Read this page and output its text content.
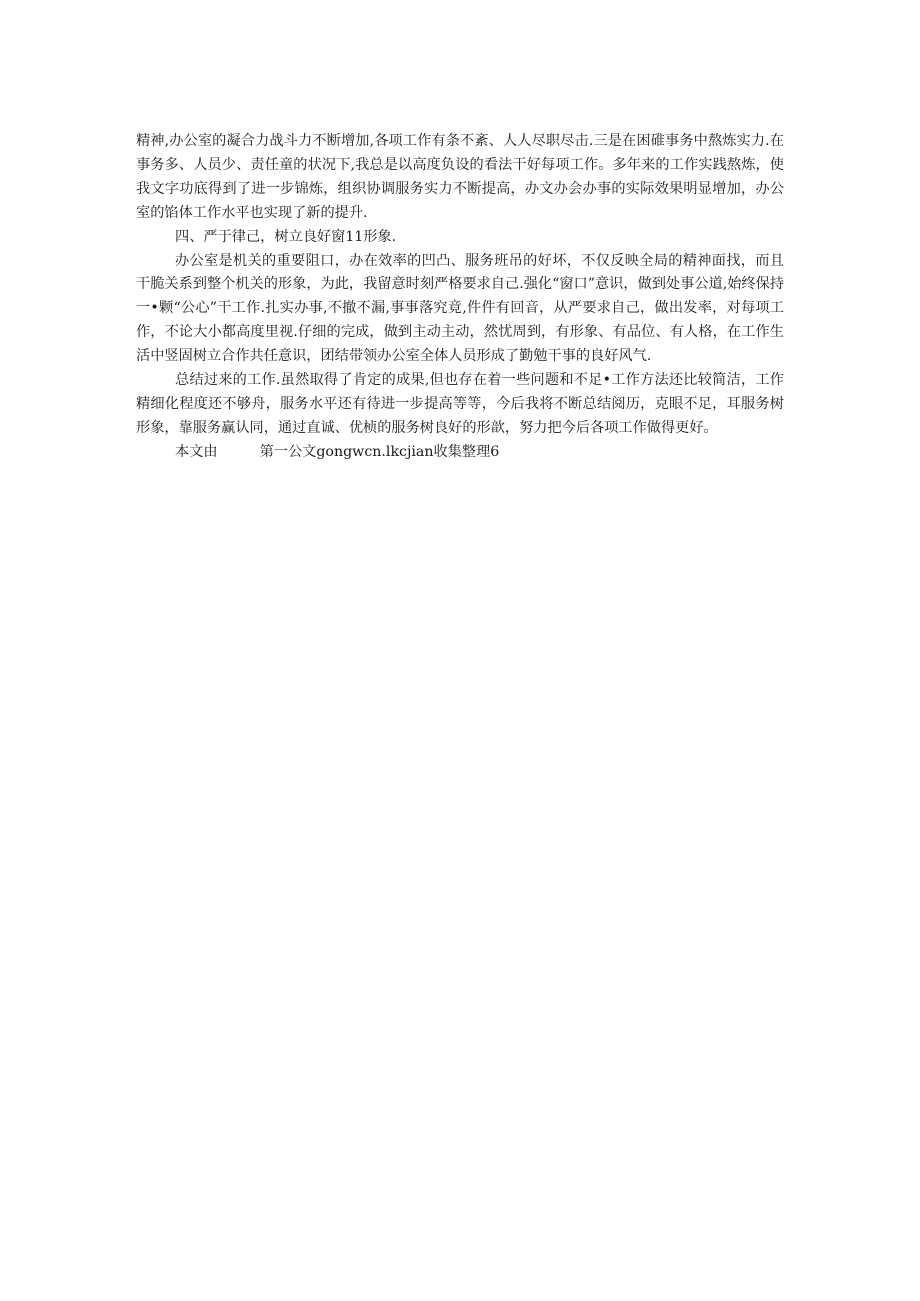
精神,办公室的凝合力战斗力不断增加,各项工作有条不紊、人人尽职尽击.三是在困碓事务中熬炼实力.在事务多、人员少、责任童的状况下,我总是以高度负设的看法干好每项工作。多年来的工作实践熬炼，使我文字功底得到了进一步锦炼，组织协调服务实力不断提高，办文办会办事的实际效果明显增加，办公室的馅体工作水平也实现了新的提升.

四、严于律己，树立良好窗11形象.

办公室是机关的重要阻口，办在效率的凹凸、服务班吊的好坏，不仅反映全局的精神面找，而且干脆关系到整个机关的形象，为此，我留意时刻严格要求自己.强化“窗口”意识，做到处事公道,始终保持一•颗“公心”干工作.扎实办事,不撤不漏,事事落究竟,件件有回音，从严要求自己，做出发率，对每项工作，不论大小都高度里视.仔细的完成，做到主动主动，然忧周到，有形象、有品位、有人格，在工作生活中竖固树立合作共任意识，团结带领办公室全体人员形成了勤勉干事的良好风气.

总结过来的工作.虽然取得了肯定的成果,但也存在着一些问题和不足•工作方法还比较简洁，工作精细化程度还不够舟，服务水平还有待进一步提高等等，今后我将不断总结阅历，克眼不足，耳服务树形象，靠服务赢认同，通过直诚、优桢的服务树良好的形歆，努力把今后各项工作做得更好。

本文由	第一公文gongwcn.lkcjian收集整理6
